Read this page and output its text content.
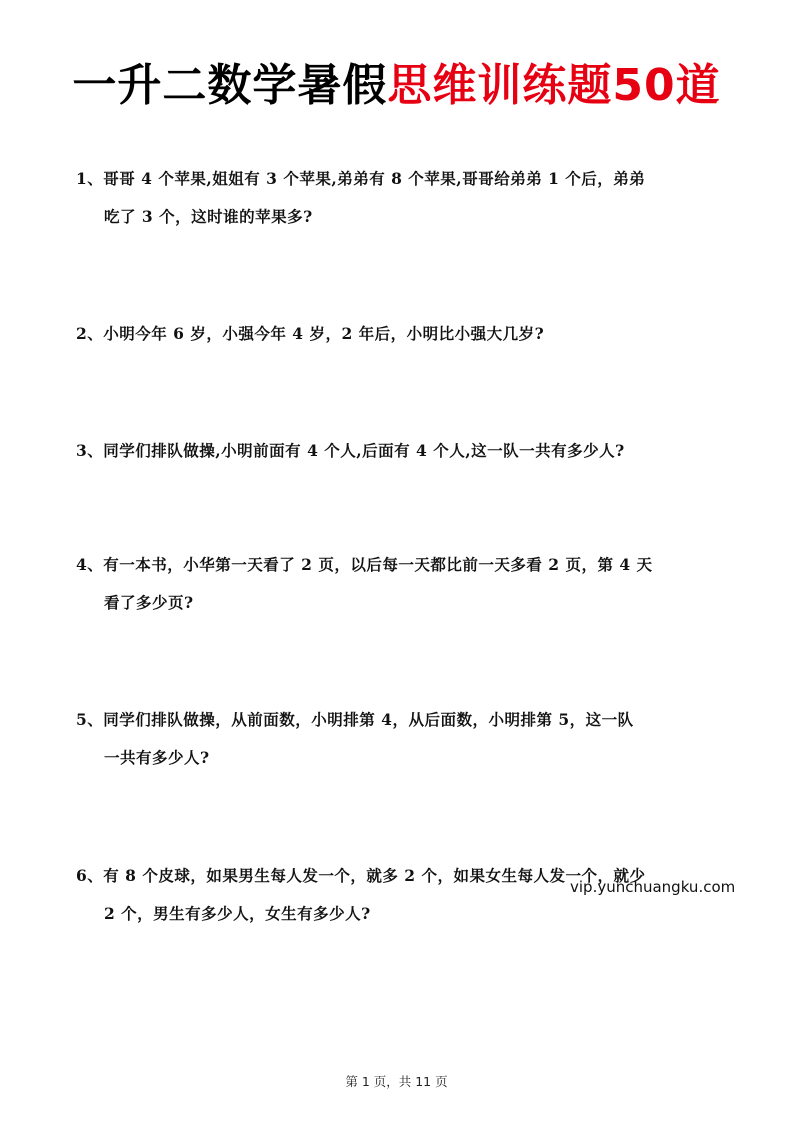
一升二数学暑假思维训练题50道
1、哥哥 4 个苹果,姐姐有 3 个苹果,弟弟有 8 个苹果,哥哥给弟弟 1 个后，弟弟
吃了 3 个，这时谁的苹果多?
2、小明今年 6 岁，小强今年 4 岁，2 年后，小明比小强大几岁?
3、同学们排队做操,小明前面有 4 个人,后面有 4 个人,这一队一共有多少人?
4、有一本书，小华第一天看了 2 页，以后每一天都比前一天多看 2 页，第 4 天
看了多少页?
5、同学们排队做操，从前面数，小明排第 4，从后面数，小明排第 5，这一队
一共有多少人?
6、有 8 个皮球，如果男生每人发一个，就多 2 个，如果女生每人发一个，就少
2 个，男生有多少人，女生有多少人?
vip.yunchuangku.com
第 1 页，共 11 页
